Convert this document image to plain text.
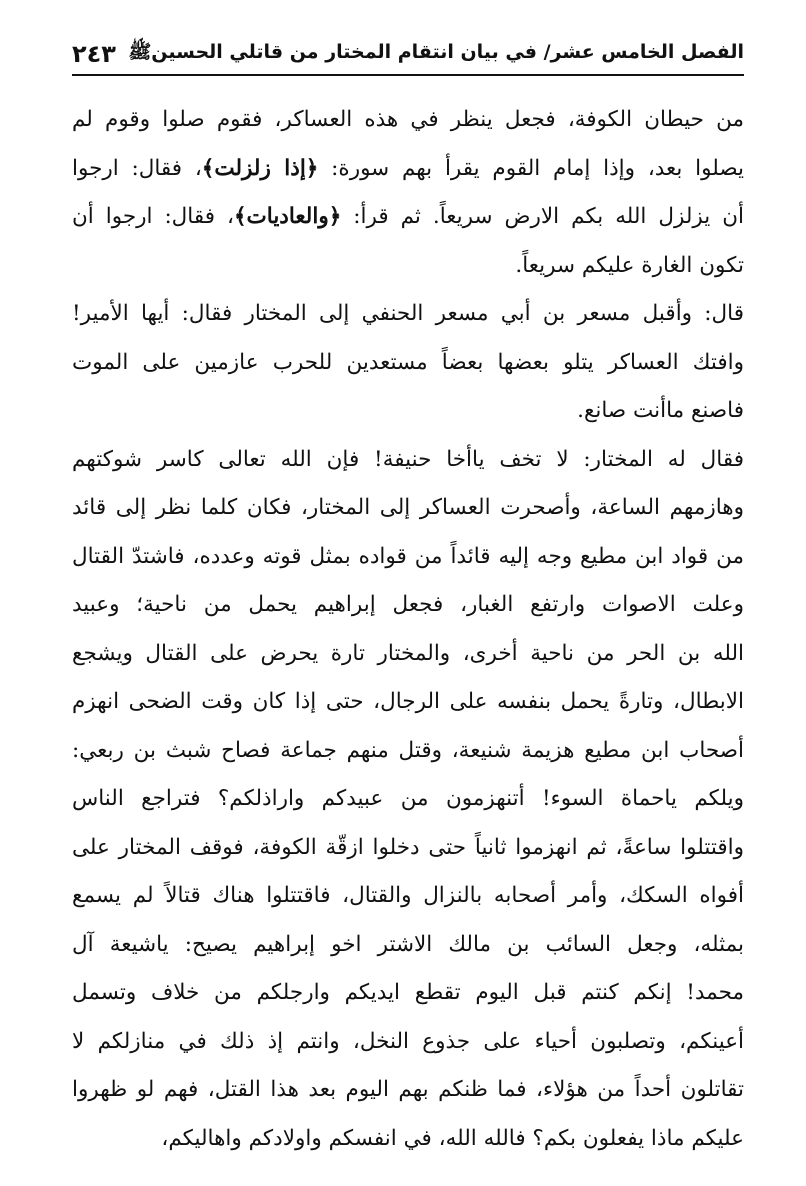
الفصل الخامس عشر/ في بيان انتقام المختار من قاتلي الحسينﷺ
٢٤٣
من حيطان الكوفة، فجعل ينظر في هذه العساكر، فقوم صلوا وقوم لم
يصلوا بعد، وإذا إمام القوم يقرأ بهم سورة: ﴿إذا زلزلت﴾، فقال: ارجوا
أن يزلزل الله بكم الارض سريعاً. ثم قرأ: ﴿والعاديات﴾، فقال: ارجوا أن
تكون الغارة عليكم سريعاً.
قال: وأقبل مسعر بن أبي مسعر الحنفي إلى المختار فقال: أيها الأمير!
وافتك العساكر يتلو بعضها بعضاً مستعدين للحرب عازمين على الموت
فاصنع ماأنت صانع.
فقال له المختار: لا تخف ياأخا حنيفة! فإن الله تعالى كاسر شوكتهم
وهازمهم الساعة، وأصحرت العساكر إلى المختار، فكان كلما نظر إلى قائد
من قواد ابن مطيع وجه إليه قائداً من قواده بمثل قوته وعدده، فاشتدّ القتال
وعلت الاصوات وارتفع الغبار، فجعل إبراهيم يحمل من ناحية؛ وعبيد
الله بن الحر من ناحية أخرى، والمختار تارة يحرض على القتال ويشجع
الابطال، وتارةً يحمل بنفسه على الرجال، حتى إذا كان وقت الضحى انهزم
أصحاب ابن مطيع هزيمة شنيعة، وقتل منهم جماعة فصاح شبث بن ربعي:
ويلكم ياحماة السوء! أتنهزمون من عبيدكم واراذلكم؟ فتراجع الناس
واقتتلوا ساعةً، ثم انهزموا ثانياً حتى دخلوا ازقّة الكوفة، فوقف المختار على
أفواه السكك، وأمر أصحابه بالنزال والقتال، فاقتتلوا هناك قتالاً لم يسمع
بمثله، وجعل السائب بن مالك الاشتر اخو إبراهيم يصيح: ياشيعة آل
محمد! إنكم كنتم قبل اليوم تقطع ايديكم وارجلكم من خلاف وتسمل
أعينكم، وتصلبون أحياء على جذوع النخل، وانتم إذ ذلك في منازلكم لا
تقاتلون أحداً من هؤلاء، فما ظنكم بهم اليوم بعد هذا القتل، فهم لو ظهروا
عليكم ماذا يفعلون بكم؟ فالله الله، في انفسكم واولادكم واهاليكم،
